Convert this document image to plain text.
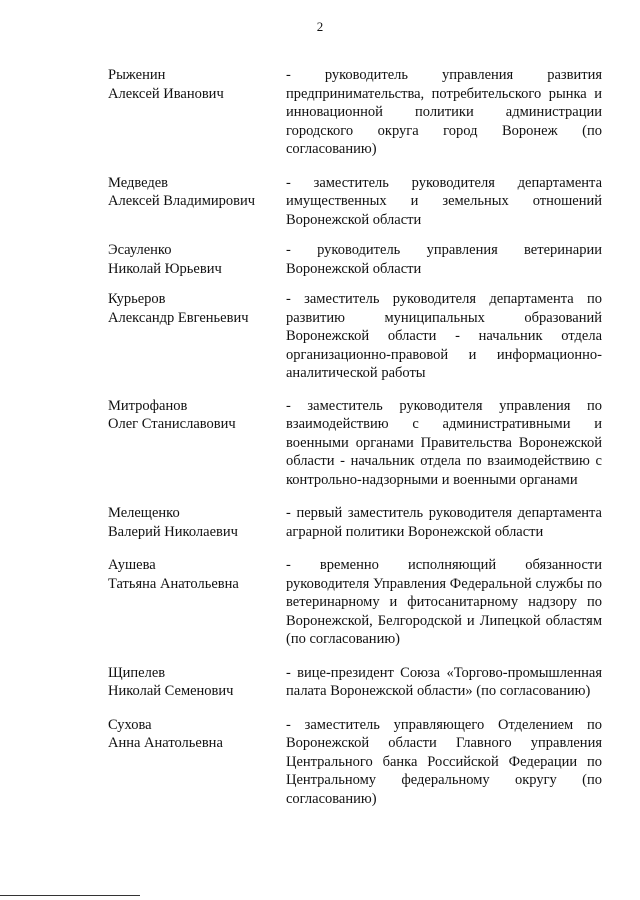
2
Рыженин
Алексей Иванович
- руководитель управления развития предпринимательства, потребительского рынка и инновационной политики администрации городского округа город Воронеж (по согласованию)
Медведев
Алексей Владимирович
- заместитель руководителя департамента имущественных и земельных отношений Воронежской области
Эсауленко
Николай Юрьевич
- руководитель управления ветеринарии Воронежской области
Курьеров
Александр Евгеньевич
- заместитель руководителя департамента по развитию муниципальных образований Воронежской области - начальник отдела организационно-правовой и информационно-аналитической работы
Митрофанов
Олег Станиславович
- заместитель руководителя управления по взаимодействию с административными и военными органами Правительства Воронежской области - начальник отдела по взаимодействию с контрольно-надзорными и военными органами
Мелещенко
Валерий Николаевич
- первый заместитель руководителя департамента аграрной политики Воронежской области
Аушева
Татьяна Анатольевна
- временно исполняющий обязанности руководителя Управления Федеральной службы по ветеринарному и фитосанитарному надзору по Воронежской, Белгородской и Липецкой областям (по согласованию)
Щипелев
Николай Семенович
- вице-президент Союза «Торгово-промышленная палата Воронежской области» (по согласованию)
Сухова
Анна Анатольевна
- заместитель управляющего Отделением по Воронежской области Главного управления Центрального банка Российской Федерации по Центральному федеральному округу (по согласованию)
